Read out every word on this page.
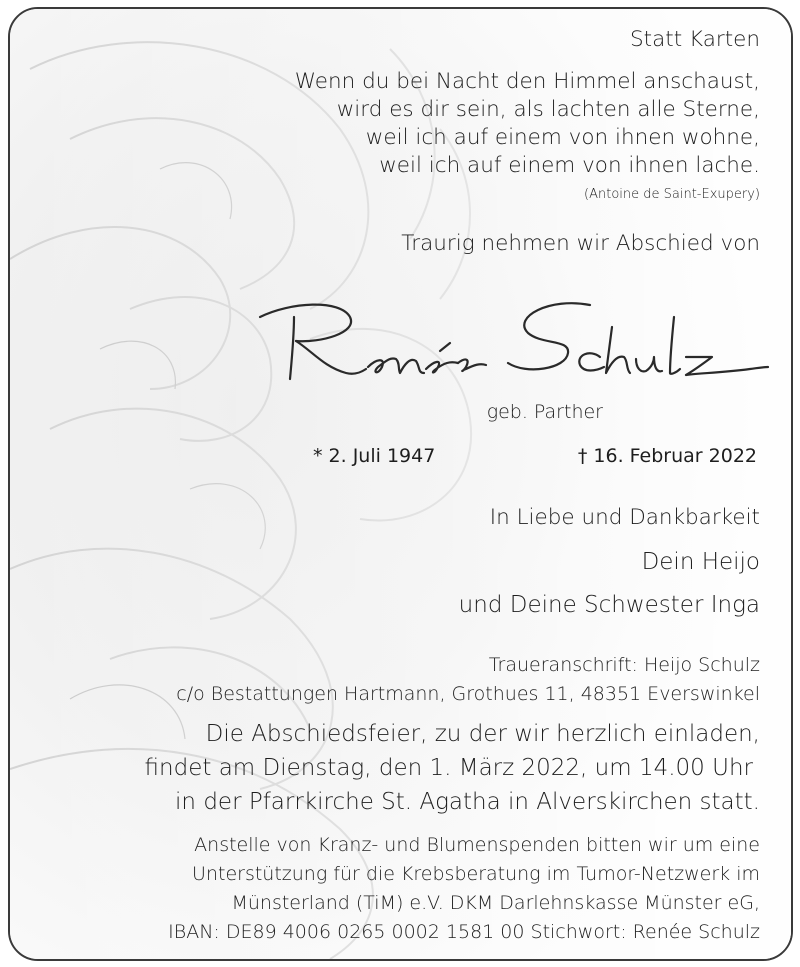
Statt Karten
Wenn du bei Nacht den Himmel anschaust,
wird es dir sein, als lachten alle Sterne,
weil ich auf einem von ihnen wohne,
weil ich auf einem von ihnen lache.
(Antoine de Saint-Exupery)
Traurig nehmen wir Abschied von
geb. Parther
* 2. Juli 1947	† 16. Februar 2022
In Liebe und Dankbarkeit
Dein Heijo
und Deine Schwester Inga
Traueranschrift: Heijo Schulz
c/o Bestattungen Hartmann, Grothues 11, 48351 Everswinkel
Die Abschiedsfeier, zu der wir herzlich einladen,
findet am Dienstag, den 1. März 2022, um 14.00 Uhr
in der Pfarrkirche St. Agatha in Alverskirchen statt.
Anstelle von Kranz- und Blumenspenden bitten wir um eine
Unterstützung für die Krebsberatung im Tumor-Netzwerk im
Münsterland (TiM) e.V. DKM Darlehnskasse Münster eG,
IBAN: DE89 4006 0265 0002 1581 00 Stichwort: Renée Schulz
